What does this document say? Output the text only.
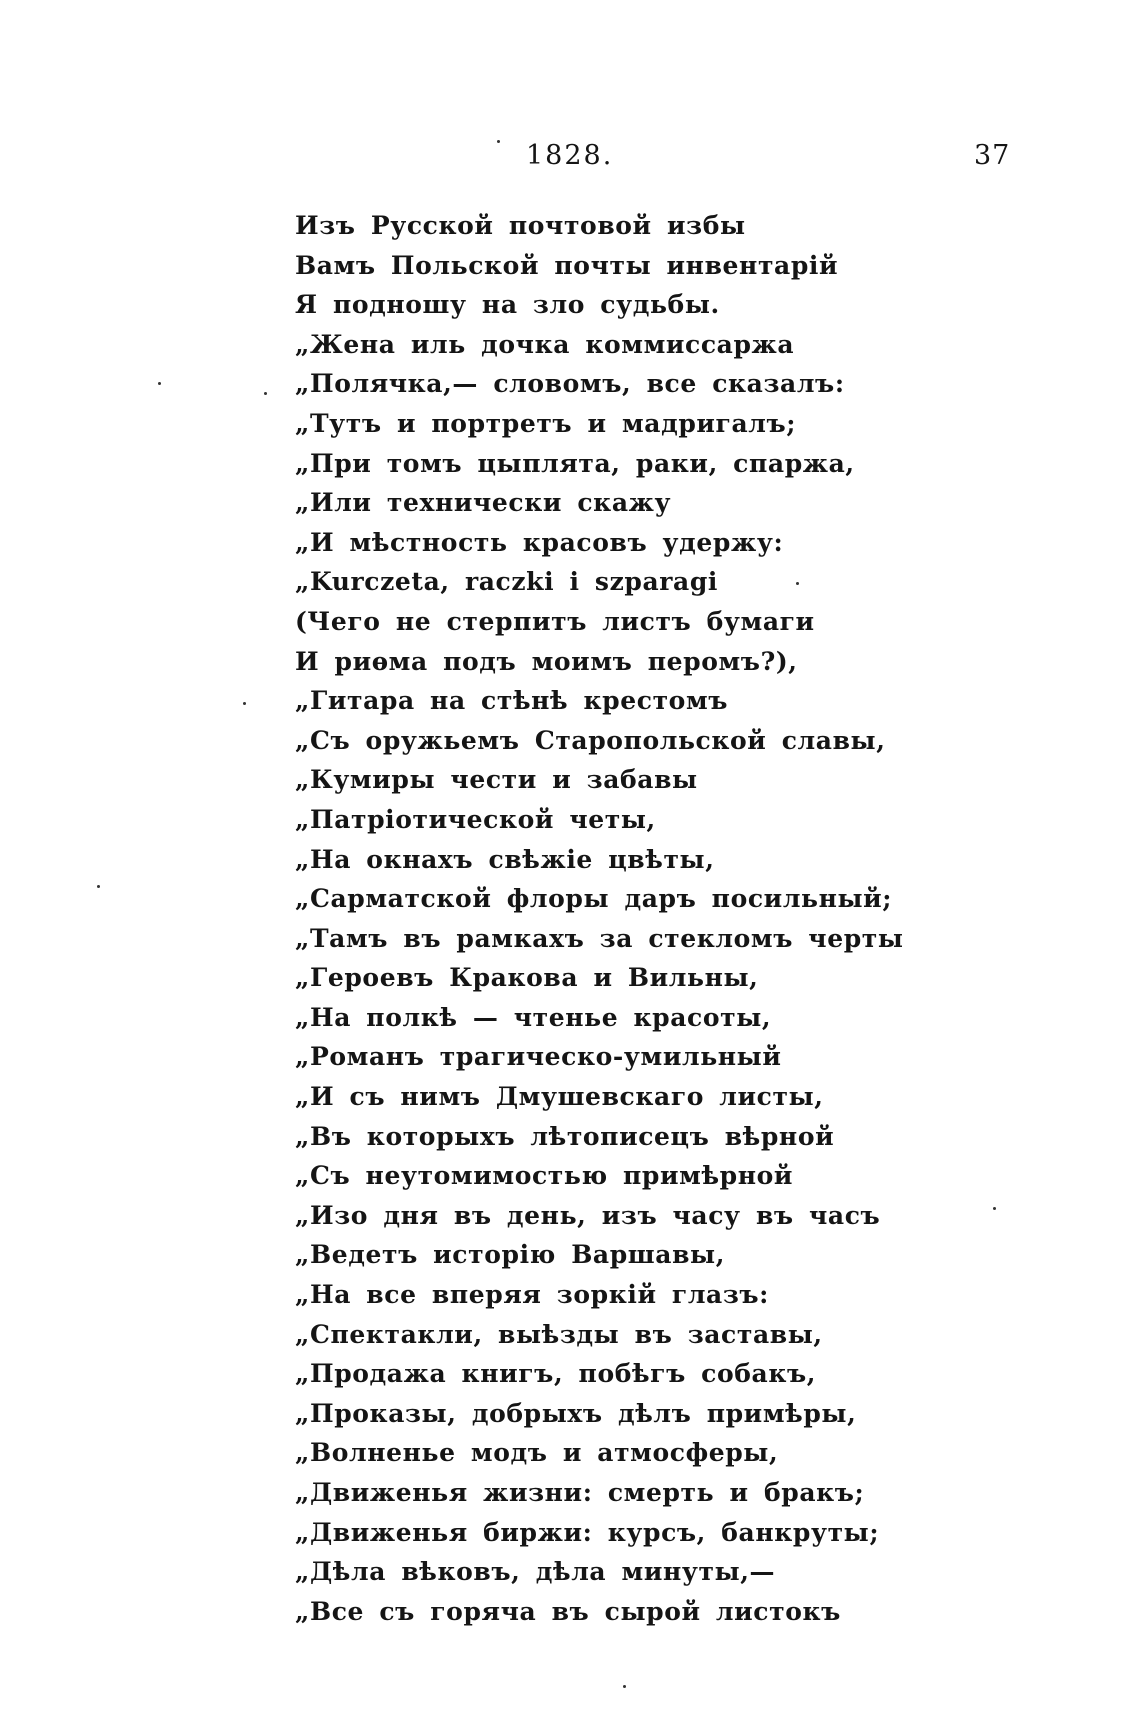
1828.	37
Изъ Русской почтовой избы
Вамъ Польской почты инвентарій
Я подношу на зло судьбы.
„Жена иль дочка коммиссаржа
„Полячка,— словомъ, все сказалъ:
„Тутъ и портретъ и мадригалъ;
„При томъ цыплята, раки, спаржа,
„Или технически скажу
„И мѣстность красовъ удержу:
„Kurczeta, raczki i szparagi
(Чего не стерпитъ листъ бумаги
И риѳма подъ моимъ перомъ?),
„Гитара на стѣнѣ крестомъ
„Съ оружьемъ Старопольской славы,
„Кумиры чести и забавы
„Патріотической четы,
„На окнахъ свѣжіе цвѣты,
„Сарматской флоры даръ посильный;
„Тамъ въ рамкахъ за стекломъ черты
„Героевъ Кракова и Вильны,
„На полкѣ — чтенье красоты,
„Романъ трагическо-умильный
„И съ нимъ Дмушевскаго листы,
„Въ которыхъ лѣтописецъ вѣрной
„Съ неутомимостью примѣрной
„Изо дня въ день, изъ часу въ часъ
„Ведетъ исторію Варшавы,
„На все вперяя зоркій глазъ:
„Спектакли, выѣзды въ заставы,
„Продажа книгъ, побѣгъ собакъ,
„Проказы, добрыхъ дѣлъ примѣры,
„Волненье модъ и атмосферы,
„Движенья жизни: смерть и бракъ;
„Движенья биржи: курсъ, банкруты;
„Дѣла вѣковъ, дѣла минуты,—
„Все съ горяча въ сырой листокъ
